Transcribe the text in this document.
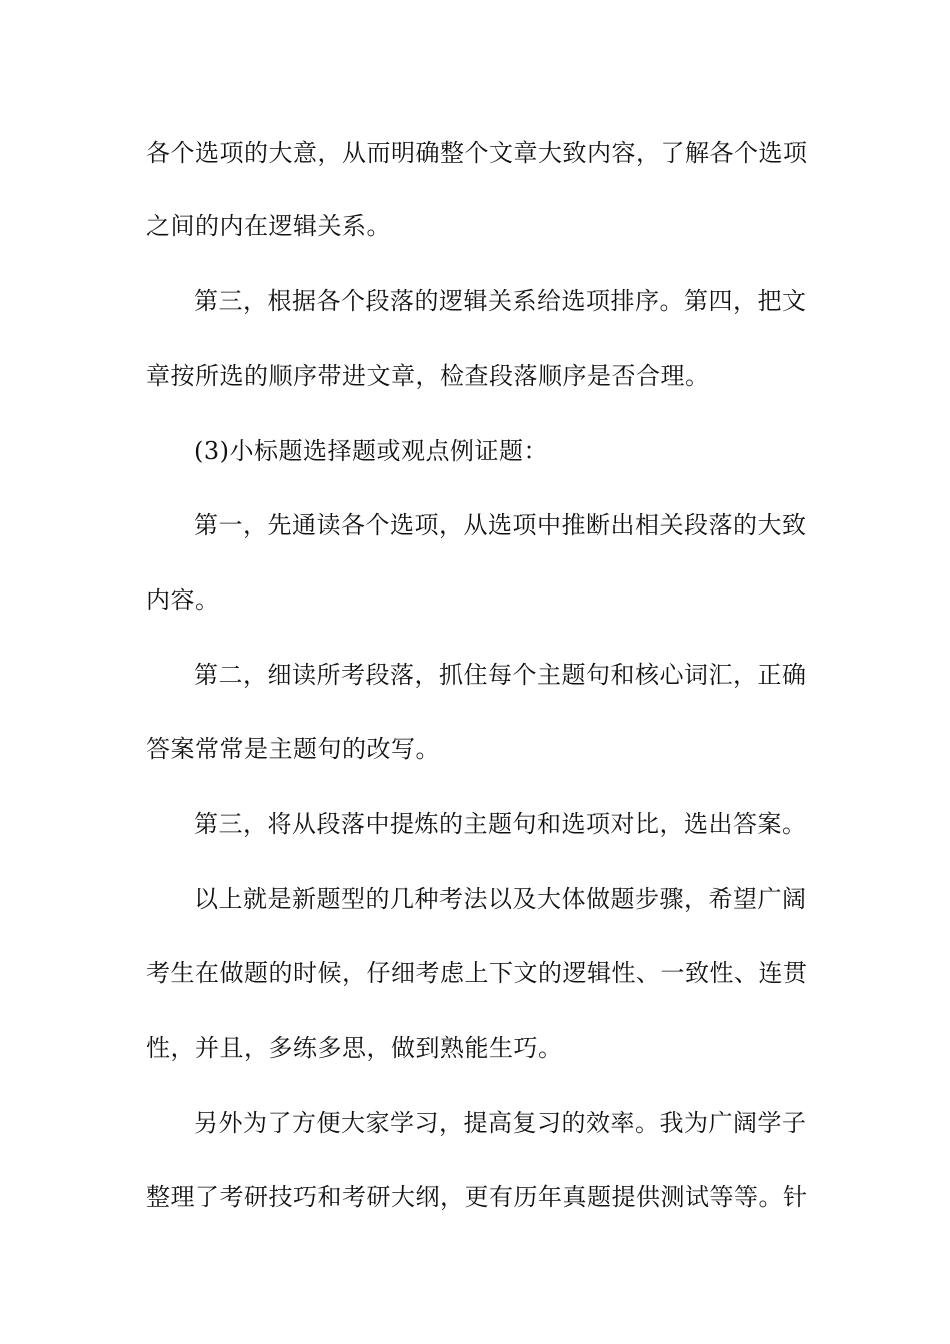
各个选项的大意，从而明确整个文章大致内容，了解各个选项
之间的内在逻辑关系。
第三，根据各个段落的逻辑关系给选项排序。第四，把文
章按所选的顺序带进文章，检查段落顺序是否合理。
(3)小标题选择题或观点例证题：
第一，先通读各个选项，从选项中推断出相关段落的大致
内容。
第二，细读所考段落，抓住每个主题句和核心词汇，正确
答案常常是主题句的改写。
第三，将从段落中提炼的主题句和选项对比，选出答案。
以上就是新题型的几种考法以及大体做题步骤，希望广阔
考生在做题的时候，仔细考虑上下文的逻辑性、一致性、连贯
性，并且，多练多思，做到熟能生巧。
另外为了方便大家学习，提高复习的效率。我为广阔学子
整理了考研技巧和考研大纲，更有历年真题提供测试等等。针
